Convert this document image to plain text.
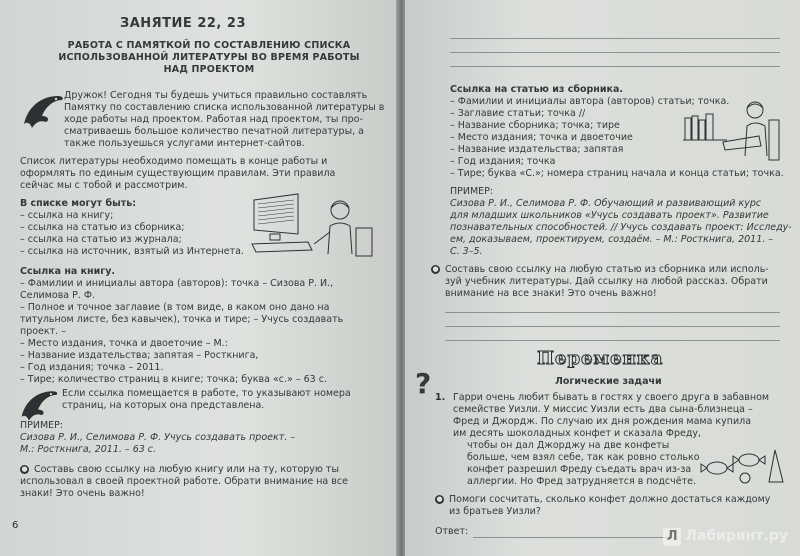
ЗАНЯТИЕ 22, 23
РАБОТА С ПАМЯТКОЙ ПО СОСТАВЛЕНИЮ СПИСКА
ИСПОЛЬЗОВАННОЙ ЛИТЕРАТУРЫ ВО ВРЕМЯ РАБОТЫ
НАД ПРОЕКТОМ
Дружок! Сегодня ты будешь учиться правильно составлять
Памятку по составлению списка использованной литературы в
ходе работы над проектом. Работая над проектом, ты про-
сматриваешь большое количество печатной литературы, а
также пользуешься услугами интернет-сайтов.
Список литературы необходимо помещать в конце работы и
оформлять по единым существующим правилам. Эти правила
сейчас мы с тобой и рассмотрим.
В списке могут быть:
– ссылка на книгу;
– ссылка на статью из сборника;
– ссылка на статью из журнала;
– ссылка на источник, взятый из Интернета.
Ссылка на книгу.
– Фамилии и инициалы автора (авторов): точка – Сизова Р. И.,
Селимова Р. Ф.
– Полное и точное заглавие (в том виде, в каком оно дано на
титульном листе, без кавычек), точка и тире; – Учусь создавать
проект. –
– Место издания, точка и двоеточие – М.:
– Название издательства; запятая – Росткнига,
– Год издания; точка – 2011.
– Тире; количество страниц в книге; точка; буква «с.» – 63 с.
Если ссылка помещается в работе, то указывают номера
страниц, на которых она представлена.
ПРИМЕР:
Сизова Р. И., Селимова Р. Ф. Учусь создавать проект. –
М.: Росткнига, 2011. – 63 с.
● Составь свою ссылку на любую книгу или на ту, которую ты
использовал в своей проектной работе. Обрати внимание на все
знаки! Это очень важно!
6
Ссылка на статью из сборника.
– Фамилии и инициалы автора (авторов) статьи; точка.
– Заглавие статьи; точка //
– Название сборника; точка; тире
– Место издания; точка и двоеточие
– Название издательства; запятая
– Год издания; точка
– Тире; буква «С.»; номера страниц начала и конца статьи; точка.
ПРИМЕР:
Сизова Р. И., Селимова Р. Ф. Обучающий и развивающий курс
для младших школьников «Учусь создавать проект». Развитие
познавательных способностей. // Учусь создавать проект: Исследу-
ем, доказываем, проектируем, создаём. – М.: Росткнига, 2011. –
С. 3–5.
● Составь свою ссылку на любую статью из сборника или исполь-
зуй учебник литературы. Дай ссылку на любой рассказ. Обрати
внимание на все знаки! Это очень важно!
Переменка
Логические задачи
? 1. Гарри очень любит бывать в гостях у своего друга в забавном
семействе Уизли. У миссис Уизли есть два сына-близнеца –
Фред и Джордж. По случаю их дня рождения мама купила
им десять шоколадных конфет и сказала Фреду,
чтобы он дал Джорджу на две конфеты
больше, чем взял себе, так как ровно столько
конфет разрешил Фреду съедать врач из-за
аллергии. Но Фред затрудняется в подсчёте.
● Помоги сосчитать, сколько конфет должно достаться каждому
из братьев Уизли?
Ответ:	Л Лабиринт.ру
